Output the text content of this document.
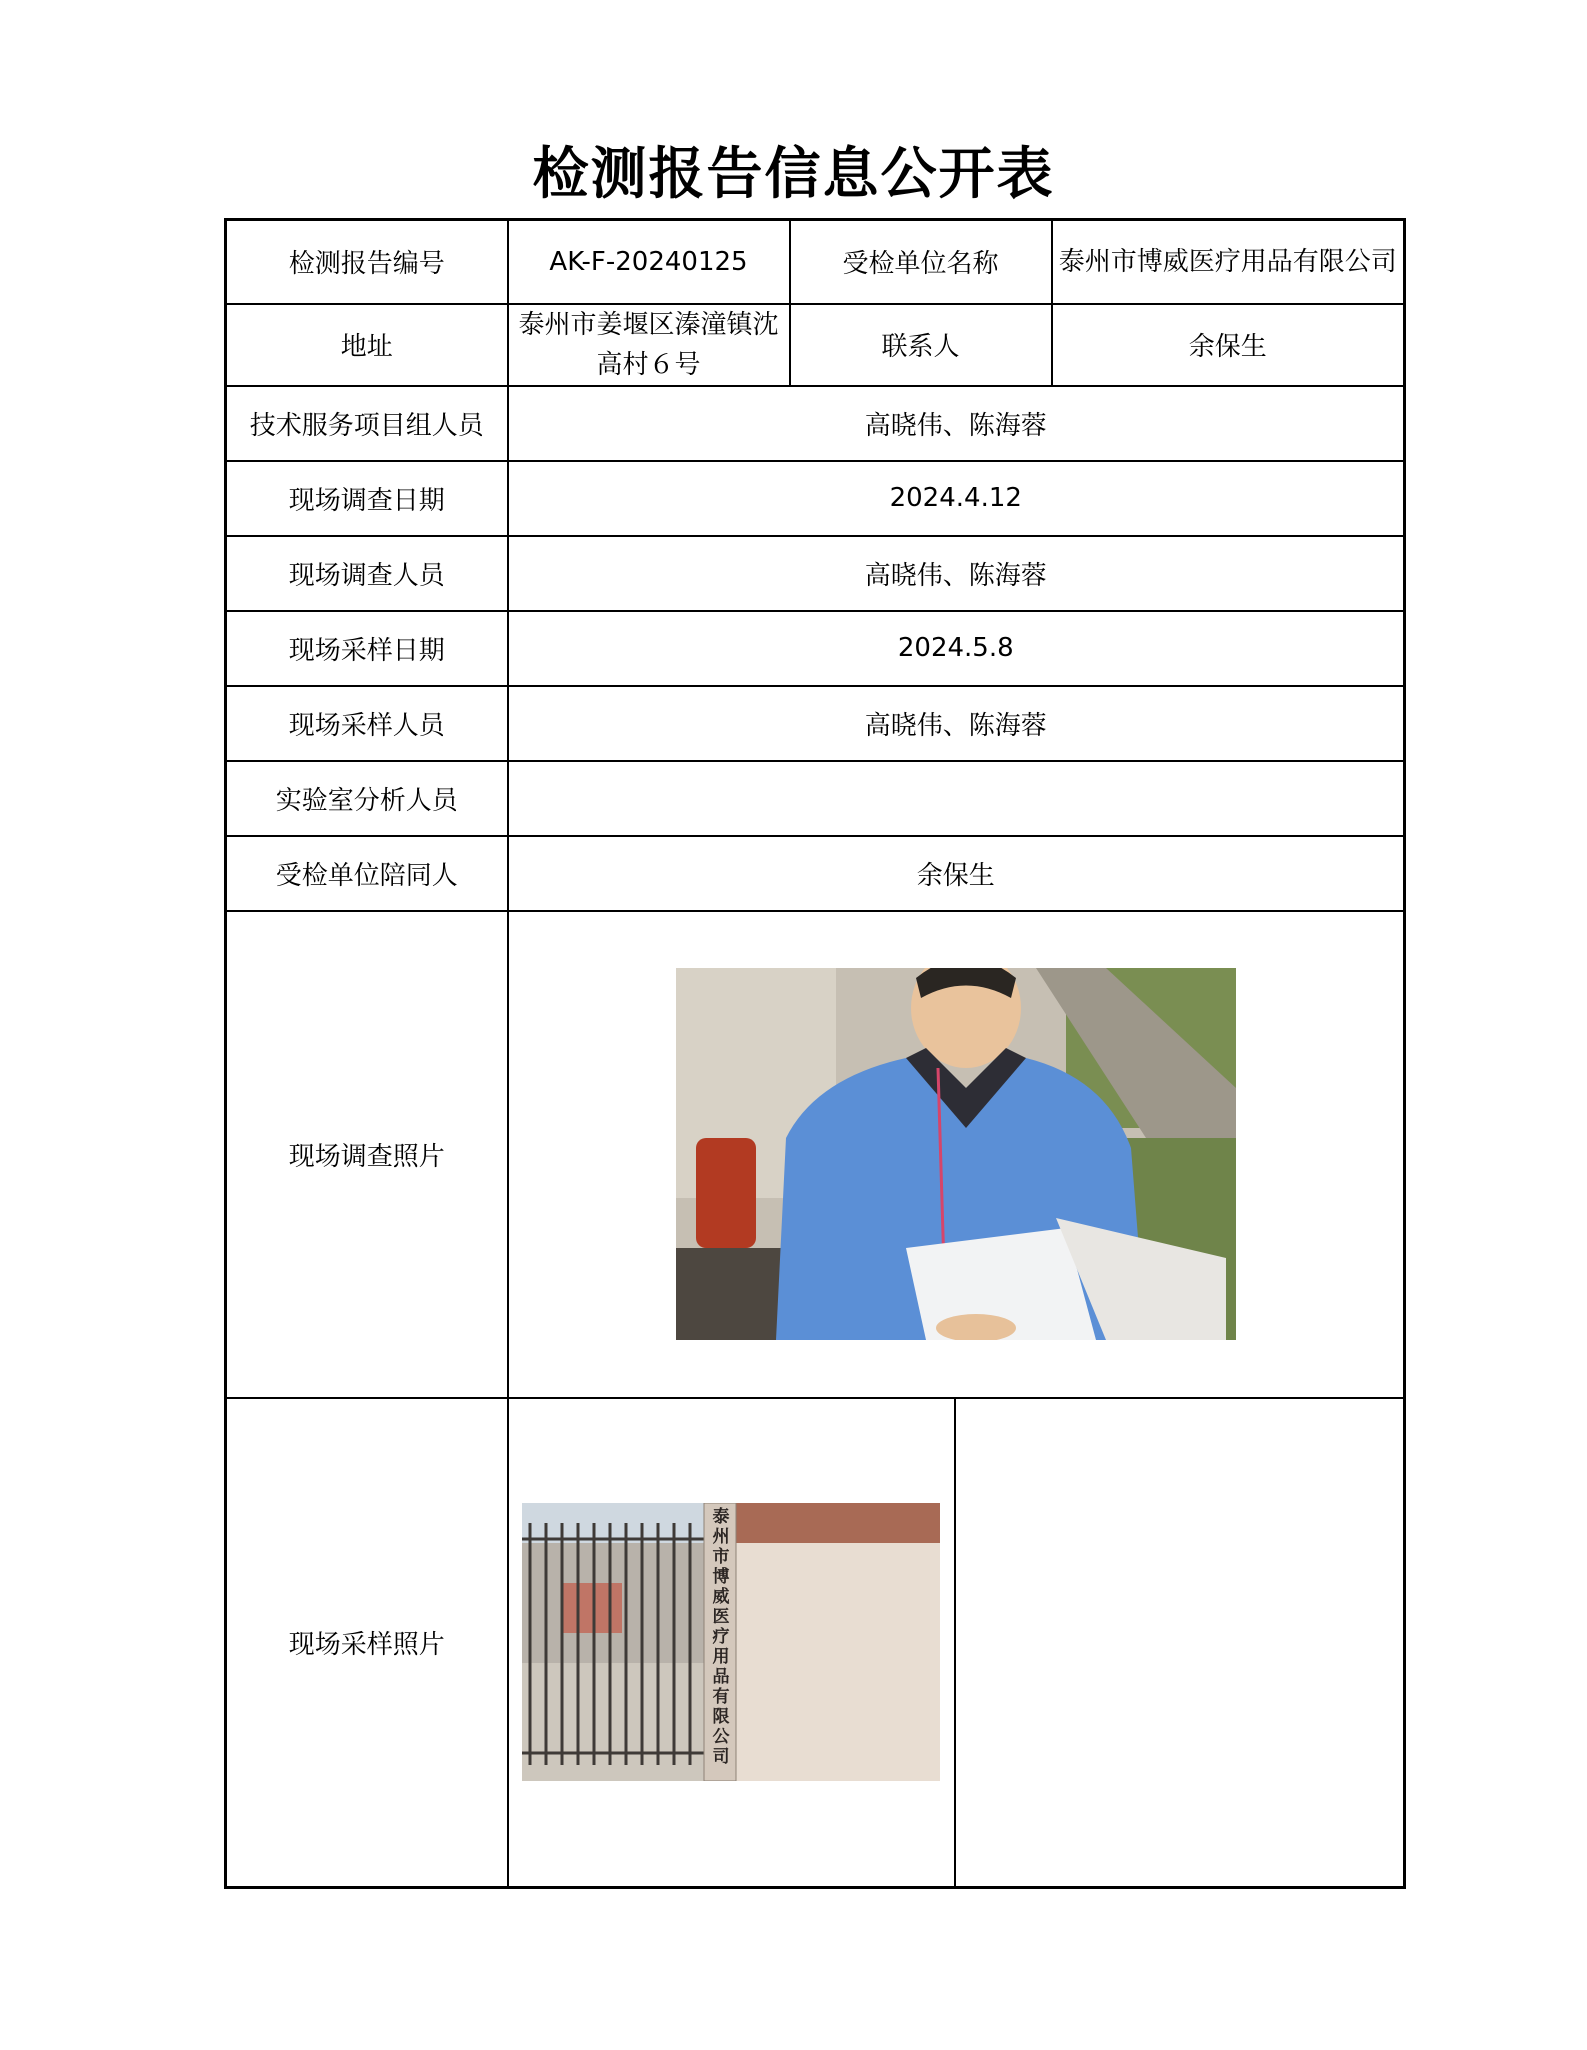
检测报告信息公开表
检测报告编号	AK-F-20240125	受检单位名称		泰州市博威医疗用品有限公司
地址	泰州市姜堰区溱潼镇沈高村６号	联系人		余保生
技术服务项目组人员	高晓伟、陈海蓉			
现场调查日期	2024.4.12			
现场调查人员	高晓伟、陈海蓉			
现场采样日期	2024.5.8			
现场采样人员	高晓伟、陈海蓉			
实验室分析人员				
受检单位陪同人	余保生			
现场调查照片	

现场采样照片	泰州市博威医疗用品有限公司			
